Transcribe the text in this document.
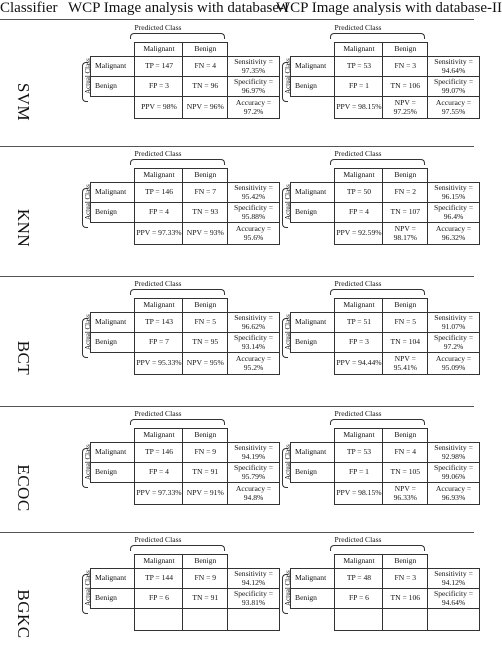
Classifier WCP Image analysis with database-I
WCP Image analysis with database-II
SVM
Predicted Class
Actual Class
	Malignant	Benign	
Malignant	TP = 147	FN = 4	Sensitivity = 97.35%
Benign	FP = 3	TN = 96	Specificity = 96.97%
	PPV = 98%	NPV = 96%	Accuracy = 97.2%
Predicted Class
Actual Class
	Malignant	Benign	
Malignant	TP = 53	FN = 3	Sensitivity = 94.64%
Benign	FP = 1	TN = 106	Specificity = 99.07%
	PPV = 98.15%	NPV = 97.25%	Accuracy = 97.55%
KNN
Predicted Class
Actual Class
	Malignant	Benign	
Malignant	TP = 146	FN = 7	Sensitivity = 95.42%
Benign	FP = 4	TN = 93	Specificity = 95.88%
	PPV = 97.33%	NPV = 93%	Accuracy = 95.6%
Predicted Class
Actual Class
	Malignant	Benign	
Malignant	TP = 50	FN = 2	Sensitivity = 96.15%
Benign	FP = 4	TN = 107	Specificity = 96.4%
	PPV = 92.59%	NPV = 98.17%	Accuracy = 96.32%
BCT
Predicted Class
Actual Class
	Malignant	Benign	
Malignant	TP = 143	FN = 5	Sensitivity = 96.62%
Benign	FP = 7	TN = 95	Specificity = 93.14%
	PPV = 95.33%	NPV = 95%	Accuracy = 95.2%
Predicted Class
Actual Class
	Malignant	Benign	
Malignant	TP = 51	FN = 5	Sensitivity = 91.07%
Benign	FP = 3	TN = 104	Specificity = 97.2%
	PPV = 94.44%	NPV = 95.41%	Accuracy = 95.09%
ECOC
Predicted Class
Actual Class
	Malignant	Benign	
Malignant	TP = 146	FN = 9	Sensitivity = 94.19%
Benign	FP = 4	TN = 91	Specificity = 95.79%
	PPV = 97.33%	NPV = 91%	Accuracy = 94.8%
Predicted Class
Actual Class
	Malignant	Benign	
Malignant	TP = 53	FN = 4	Sensitivity = 92.98%
Benign	FP = 1	TN = 105	Specificity = 99.06%
	PPV = 98.15%	NPV = 96.33%	Accuracy = 96.93%
BGKC
Predicted Class
Actual Class
	Malignant	Benign	
Malignant	TP = 144	FN = 9	Sensitivity = 94.12%
Benign	FP = 6	TN = 91	Specificity = 93.81%

Predicted Class
Actual Class
	Malignant	Benign	
Malignant	TP = 48	FN = 3	Sensitivity = 94.12%
Benign	FP = 6	TN = 106	Specificity = 94.64%
